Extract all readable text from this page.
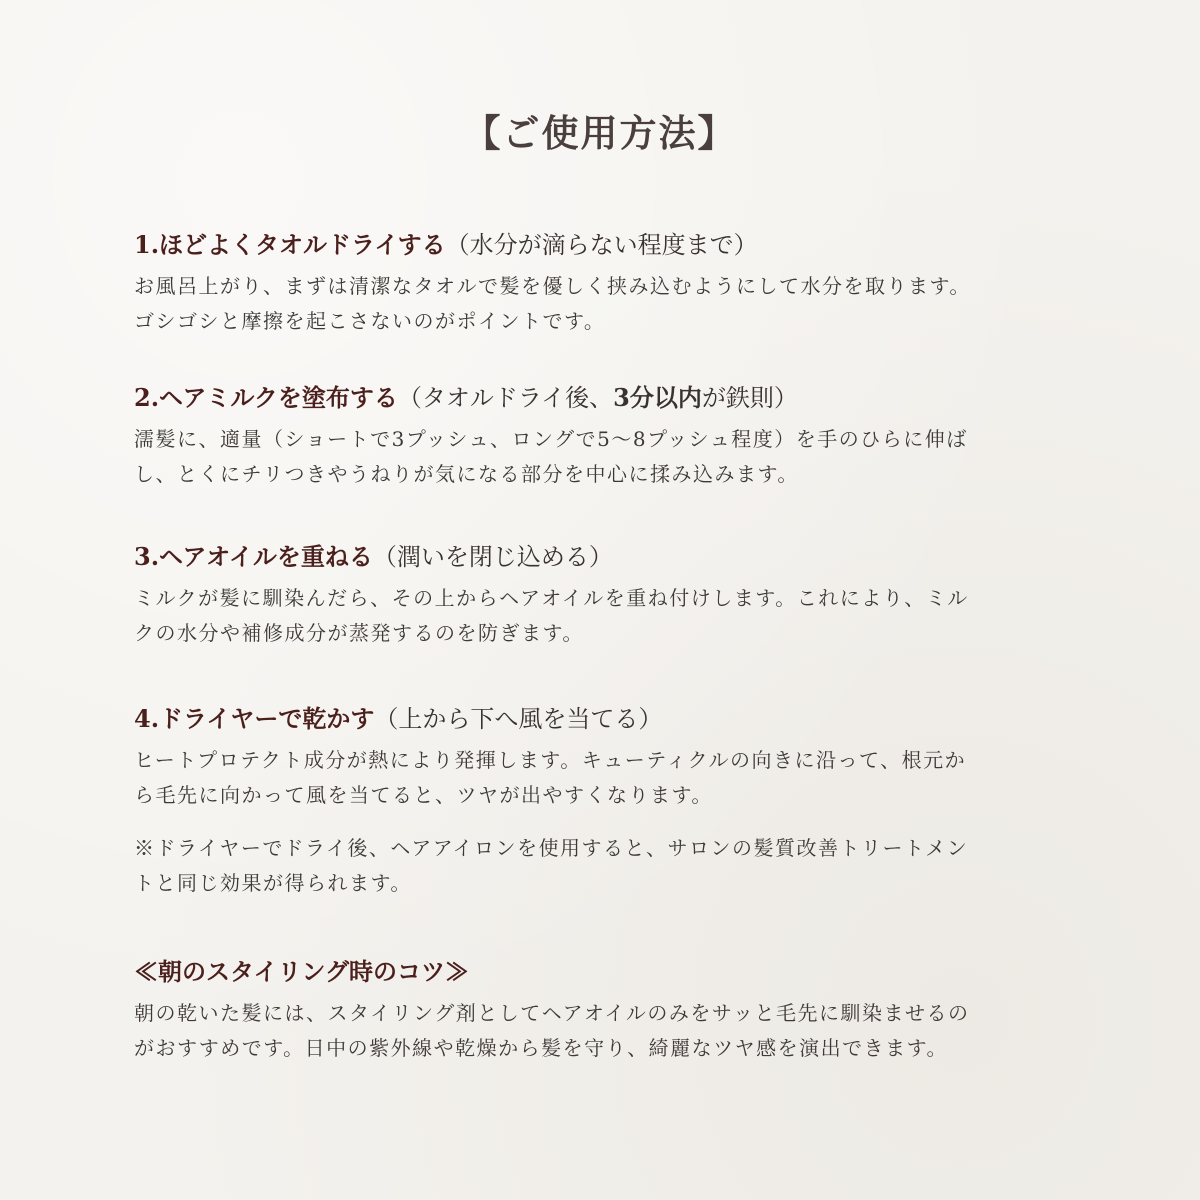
【ご使用方法】
1.ほどよくタオルドライする（水分が滴らない程度まで）
お風呂上がり、まずは清潔なタオルで髪を優しく挟み込むようにして水分を取ります。
ゴシゴシと摩擦を起こさないのがポイントです。
2.ヘアミルクを塗布する（タオルドライ後、3分以内が鉄則）
濡髪に、適量（ショートで3プッシュ、ロングで5〜8プッシュ程度）を手のひらに伸ば
し、とくにチリつきやうねりが気になる部分を中心に揉み込みます。
3.ヘアオイルを重ねる（潤いを閉じ込める）
ミルクが髪に馴染んだら、その上からヘアオイルを重ね付けします。これにより、ミル
クの水分や補修成分が蒸発するのを防ぎます。
4.ドライヤーで乾かす（上から下へ風を当てる）
ヒートプロテクト成分が熱により発揮します。キューティクルの向きに沿って、根元か
ら毛先に向かって風を当てると、ツヤが出やすくなります。
※ドライヤーでドライ後、ヘアアイロンを使用すると、サロンの髪質改善トリートメン
トと同じ効果が得られます。
≪朝のスタイリング時のコツ≫
朝の乾いた髪には、スタイリング剤としてヘアオイルのみをサッと毛先に馴染ませるの
がおすすめです。日中の紫外線や乾燥から髪を守り、綺麗なツヤ感を演出できます。
